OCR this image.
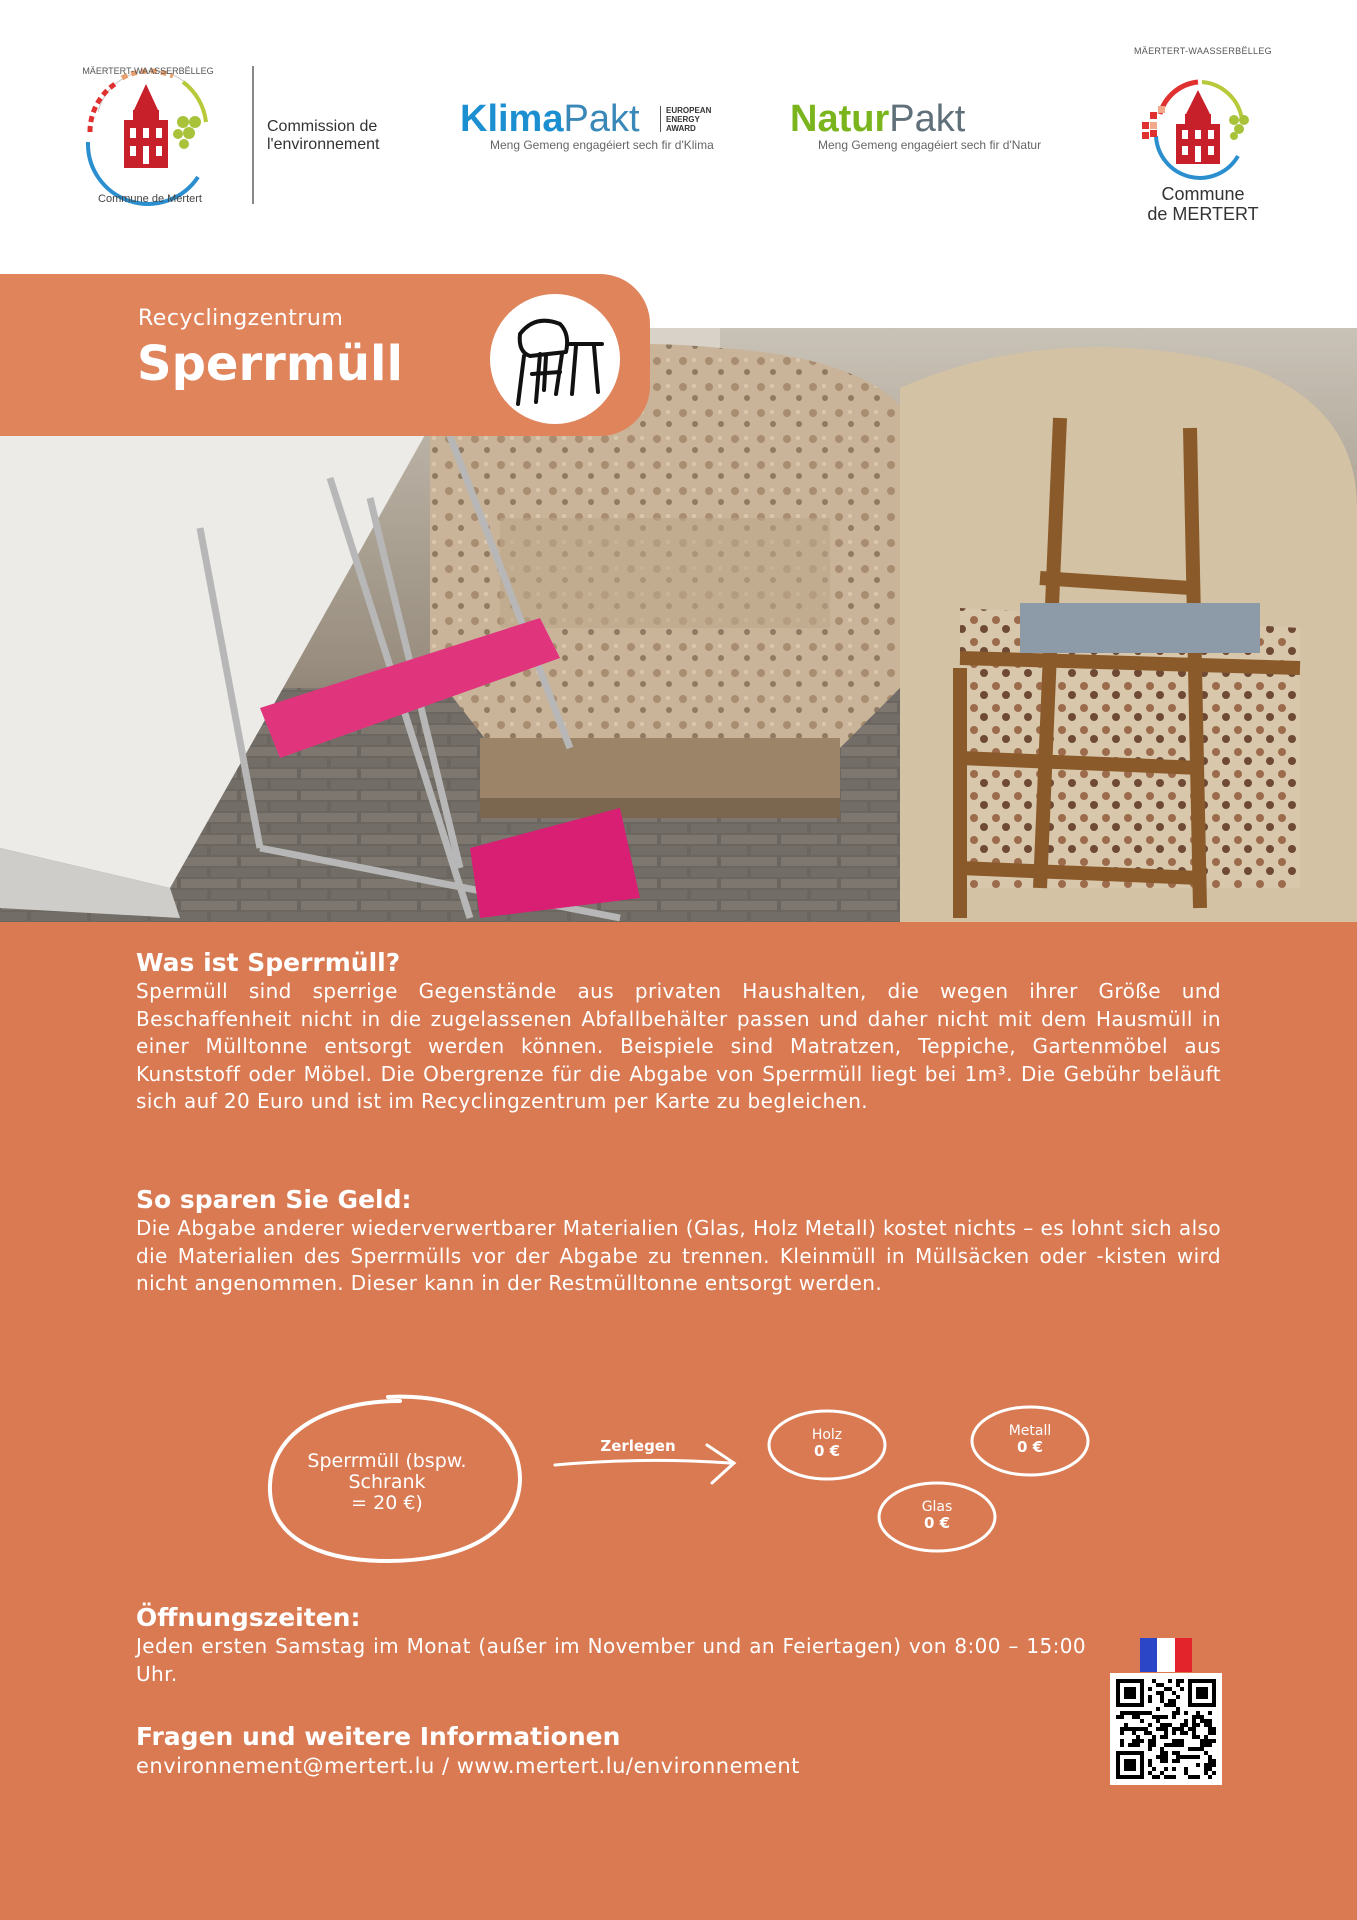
MÄERTERT-WAASSERBËLLEG
Commune de Mertert
Commission de l'environnement
KlimaPakt	EUROPEAN
ENERGY
AWARD
Meng Gemeng engagéiert sech fir d'Klima
NaturPakt
Meng Gemeng engagéiert sech fir d'Natur
MÄERTERT-WAASSERBËLLEG
Commune
de MERTERT
Recyclingzentrum
Sperrmüll
Was ist Sperrmüll?

Spermüll sind sperrige Gegenstände aus privaten Haushalten, die wegen ihrer Größe und Beschaffenheit nicht in die zugelassenen Abfallbehälter passen und daher nicht mit dem Hausmüll in einer Mülltonne entsorgt werden können. Beispiele sind Matratzen, Teppiche, Gartenmöbel aus Kunststoff oder Möbel. Die Obergrenze für die Abgabe von Sperrmüll liegt bei 1m³. Die Gebühr beläuft sich auf 20 Euro und ist im Recyclingzentrum per Karte zu begleichen.

So sparen Sie Geld:

Die Abgabe anderer wiederverwertbarer Materialien (Glas, Holz Metall) kostet nichts – es lohnt sich also die Materialien des Sperrmülls vor der Abgabe zu trennen. Kleinmüll in Müllsäcken oder -kisten wird nicht angenommen. Dieser kann in der Restmülltonne entsorgt werden.

Sperrmüll (bspw.
Schrank
= 20 €)
Zerlegen
Holz
0 €
Metall
0 €
Glas
0 €
Öffnungszeiten:

Jeden ersten Samstag im Monat (außer im November und an Feiertagen) von 8:00 – 15:00 Uhr.

Fragen und weitere Informationen
environnement@mertert.lu / www.mertert.lu/environnement
